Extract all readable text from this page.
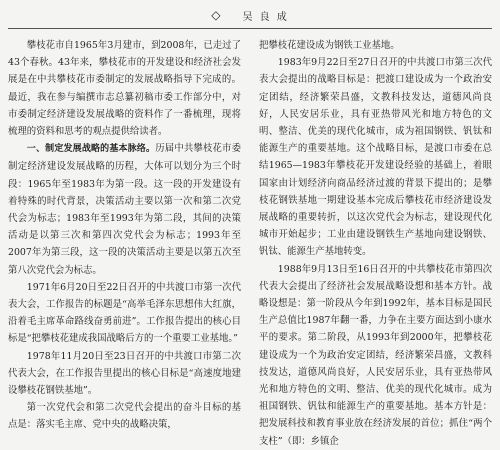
◇ 吴 良 成

攀枝花市自1965年3月建市，到2008年，已走过了43个春秋。43年来，攀枝花市的开发建设和经济社会发展是在中共攀枝花市委制定的发展战略指导下完成的。最近，我在参与编撰市志总纂初稿市委工作部分中，对市委制定经济建设发展战略的资料作了一番梳理，现将梳理的资料和思考的观点提供给读者。

一、制定发展战略的基本脉络。历届中共攀枝花市委制定经济建设发展战略的历程，大体可以划分为三个时段：1965年至1983年为第一段。这一段的开发建设有着特殊的时代背景，决策活动主要以第一次和第二次党代会为标志；1983年至1993年为第二段，其间的决策活动是以第三次和第四次党代会为标志；1993年至2007年为第三段，这一段的决策活动主要是以第五次至第八次党代会为标志。

1971年6月20日至22日召开的中共渡口市第一次代表大会，工作报告的标题是“高举毛泽东思想伟大红旗，沿着毛主席革命路线奋勇前进”。工作报告提出的核心目标是“把攀枝花建成我国战略后方的一个重要工业基地。”

1978年11月20日至23日召开的中共渡口市第二次代表大会，在工作报告里提出的核心目标是“高速度地建设攀枝花钢铁基地”。

第一次党代会和第二次党代会提出的奋斗目标的基点是：落实毛主席、党中央的战略决策，

把攀枝花建设成为钢铁工业基地。

1983年9月22日至27日召开的中共渡口市第三次代表大会提出的战略目标是：把渡口建设成为一个政治安定团结，经济繁荣昌盛，文教科技发达，道德风尚良好，人民安居乐业，具有亚热带风光和地方特色的文明、整洁、优美的现代化城市，成为祖国钢铁、钒钛和能源生产的重要基地。这个战略目标，是渡口市委在总结1965—1983年攀枝花开发建设经验的基础上，着眼国家由计划经济向商品经济过渡的背景下提出的；是攀枝花钢铁基地一期建设基本完成后攀枝花市经济建设发展战略的重要转折，以这次党代会为标志，建设现代化城市开始起步；工业由建设钢铁生产基地向建设钢铁、钒钛、能源生产基地转变。

1988年9月13日至16日召开的中共攀枝花市第四次代表大会提出了经济社会发展战略设想和基本方针。战略设想是：第一阶段从今年到1992年，基本目标是国民生产总值比1987年翻一番，力争在主要方面达到小康水平的要求。第二阶段，从1993年到2000年，把攀枝花建设成为一个为政治安定团结，经济繁荣昌盛，文教科技发达，道德风尚良好，人民安居乐业，具有亚热带风光和地方特色的文明、整洁、优美的现代化城市。成为祖国钢铁、钒钛和能源生产的重要基地。基本方针是：把发展科技和教育事业放在经济发展的首位；抓住“两个支柱”（即：乡镇企
